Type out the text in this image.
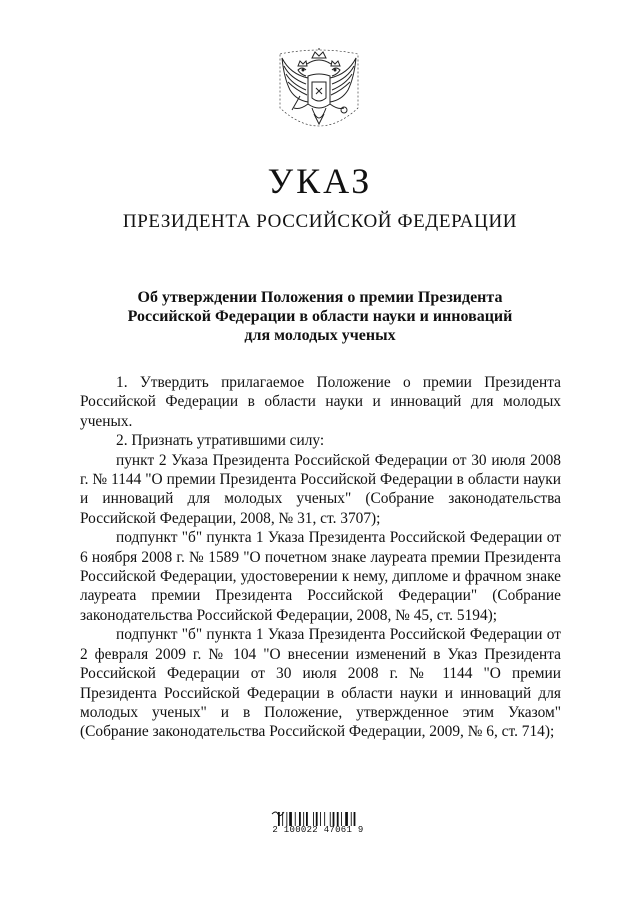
УКАЗ
ПРЕЗИДЕНТА РОССИЙСКОЙ ФЕДЕРАЦИИ
Об утверждении Положения о премии Президента
Российской Федерации в области науки и инноваций
для молодых ученых

1. Утвердить прилагаемое Положение о премии Президента Российской Федерации в области науки и инноваций для молодых ученых.

2. Признать утратившими силу:

пункт 2 Указа Президента Российской Федерации от 30 июля 2008 г. № 1144 "О премии Президента Российской Федерации в области науки и инноваций для молодых ученых" (Собрание законодательства Российской Федерации, 2008, № 31, ст. 3707);

подпункт "б" пункта 1 Указа Президента Российской Федерации от 6 ноября 2008 г. № 1589 "О почетном знаке лауреата премии Президента Российской Федерации, удостоверении к нему, дипломе и фрачном знаке лауреата премии Президента Российской Федерации" (Собрание законодательства Российской Федерации, 2008, № 45, ст. 5194);

подпункт "б" пункта 1 Указа Президента Российской Федерации от 2 февраля 2009 г. № 104 "О внесении изменений в Указ Президента Российской Федерации от 30 июля 2008 г. № 1144 "О премии Президента Российской Федерации в области науки и инноваций для молодых ученых" и в Положение, утвержденное этим Указом" (Собрание законодательства Российской Федерации, 2009, № 6, ст. 714);

2 100022 47061 9
